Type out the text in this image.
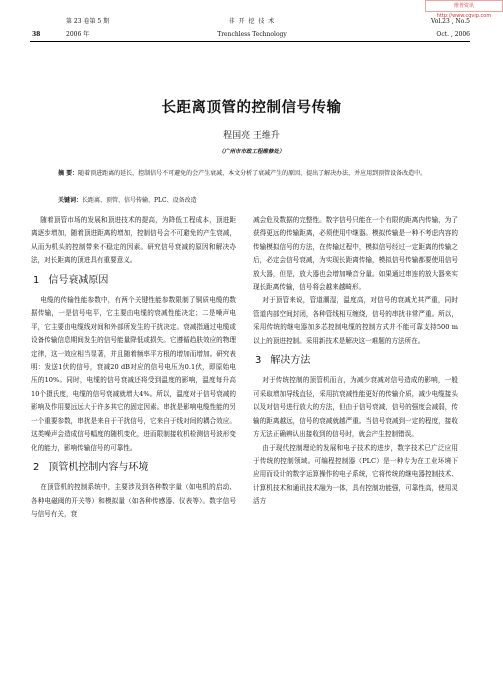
维普资讯 http://www.cqvip.com
第 23 卷第 5 期	非 开 挖 技 术	Vol.23 , No.5
38	2006 年	Trenchless Technology	Oct. , 2006
长距离顶管的控制信号传输
程国亮 王维升
（广州市市政工程维修处）
摘 要：随着顶进距离的延长，控制信号不可避免的会产生衰减，本文分析了衰减产生的原因，提出了解决办法，并应用到顶管设备改造中。
关键词：长距离、顶管、信号传输、PLC、设备改造

随着顶管市场的发展和顶进技术的提高，为降低工程成本，顶进距离逐步增加，随着顶进距离的增加，控制信号会不可避免的产生衰减，从而为机头的控制带来不稳定的因素。研究信号衰减的原因和解决办法，对长距离的顶进具有重要意义。

1 信号衰减原因

电缆的传输性能参数中，有两个关键性能参数限制了铜质电缆的数据传输，一是信号电平，它主要由电缆的衰减性能决定；二是噪声电平，它主要由电缆线对间和外部所发生的干扰决定。衰减指通过电缆或设备传输信息期间发生的信号能量降低或损失。它遵循趋肤效应的物理定律，这一效应相当显著，并且随着频率平方根的增加而增加。研究表明：发送1伏的信号，衰减20 dB对应的信号电压为0.1伏，即原始电压的10%。同时，电缆的信号衰减还将受到温度的影响，温度每升高10个摄氏度，电缆的信号衰减就增大4%。所以，温度对于信号衰减的影响及作用要远远大于许多其它的固定因素。串扰是影响电缆性能的另一个重要参数，串扰是来自于干扰信号，它来自于线对间的耦合效应。这类噪声会造成信号幅度的随机变化，进而限制接收机检测信号波形变化的能力，影响传输信号的可靠性。

2 顶管机控制内容与环境

在顶管机的控制系统中，主要涉及到各种数字量（如电机的启动、各种电磁阀的开关等）和模拟量（如各种传感器、仪表等）。数字信号与信号有关，衰

减会危及数据的完整性。数字信号只能在一个有限的距离内传输，为了获得更远的传输距离，必须使用中继器。模拟传输是一种不考虑内容的传输模拟信号的方法，在传输过程中，模拟信号经过一定距离的传输之后，必定会信号衰减，为实现长距离传输，模拟信号传输都要使用信号放大器，但是，放大器也会增加噪音分量。如果通过串连的放大器来实现长距离传输，信号将会越来越畸形。

对于顶管来说，管道潮湿，温度高，对信号的衰减尤其严重，同时管道内部空间封闭，各种管线相互缠绕，信号的串扰非常严重。所以，采用传统的继电器加多芯控制电缆的控制方式并不能可靠支持500 m以上的顶进控制。采用新技术是解决这一难题的方法所在。

3 解决方法

对于传统控制的顶管机而言，为减少衰减对信号造成的影响，一般可采取增加导线直径，采用抗衰减性能更好的传输介质，减少电缆接头以及对信号进行放大的方法，但由于信号衰减，信号的强度会减弱，传输的距离越远，信号的衰减就越严重。当信号衰减到一定的程度，接收方无法正确辨认出接收到的信号时，就会产生控制错误。

由于现代控制理论的发展和电子技术的进步，数字技术已广泛应用于传统的控制领域。可编程控制器（PLC）是一种专为在工业环境下应用而设计的数字运算操作的电子系统，它将传统的继电器控制技术、计算机技术和通讯技术融为一体，具有控制功能强，可靠性高，使用灵活方
